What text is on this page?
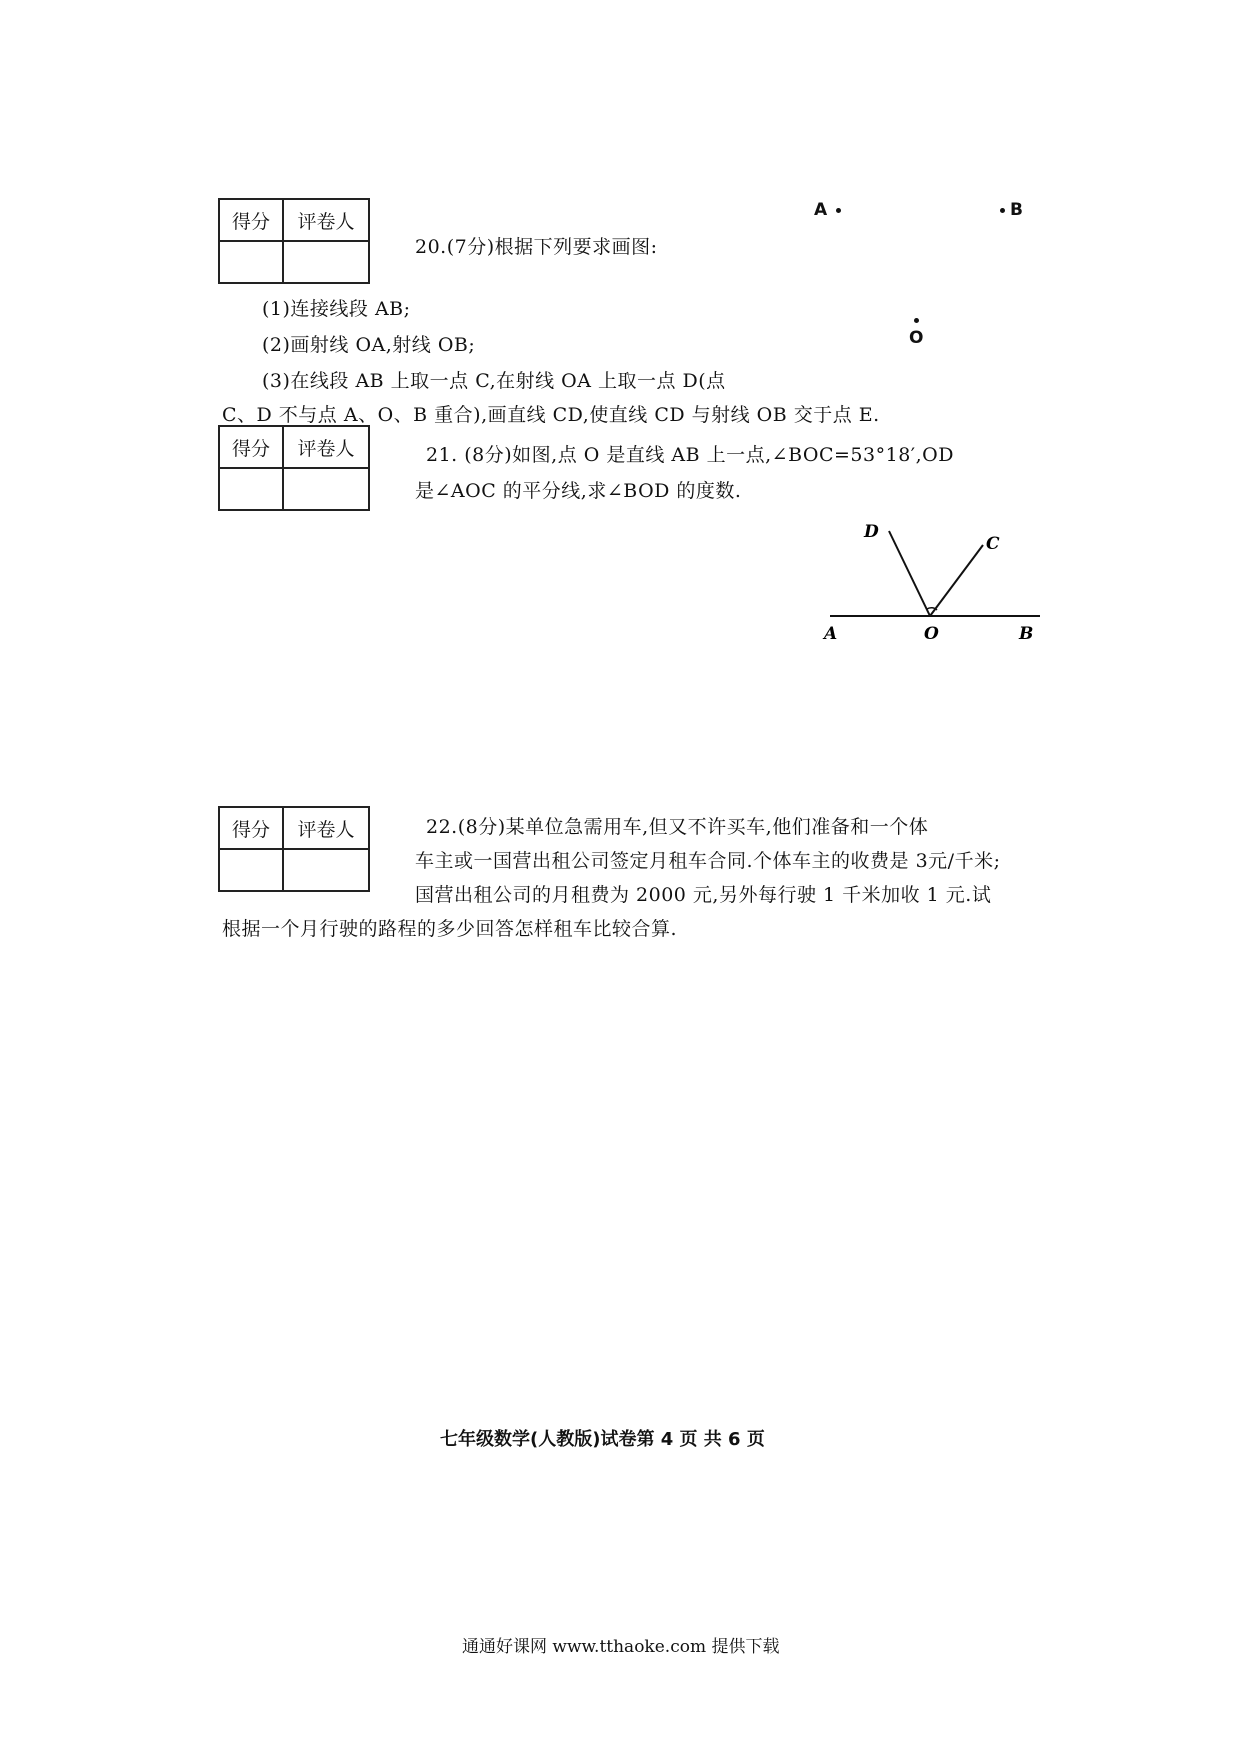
得分	评卷人

20.(7分)根据下列要求画图:
(1)连接线段 AB;
(2)画射线 OA,射线 OB;
(3)在线段 AB 上取一点 C,在射线 OA 上取一点 D(点
C、D 不与点 A、O、B 重合),画直线 CD,使直线 CD 与射线 OB 交于点 E.
A	B
O
得分	评卷人
		21. (8分)如图,点 O 是直线 AB 上一点,∠BOC=53°18′,OD
是∠AOC 的平分线,求∠BOD 的度数.
A	O	B
D
C
得分	评卷人
		22.(8分)某单位急需用车,但又不许买车,他们准备和一个体
车主或一国营出租公司签定月租车合同.个体车主的收费是 3元/千米;
国营出租公司的月租费为 2000 元,另外每行驶 1 千米加收 1 元.试
根据一个月行驶的路程的多少回答怎样租车比较合算.
七年级数学(人教版)试卷第 4 页 共 6 页
通通好课网 www.tthaoke.com 提供下载
